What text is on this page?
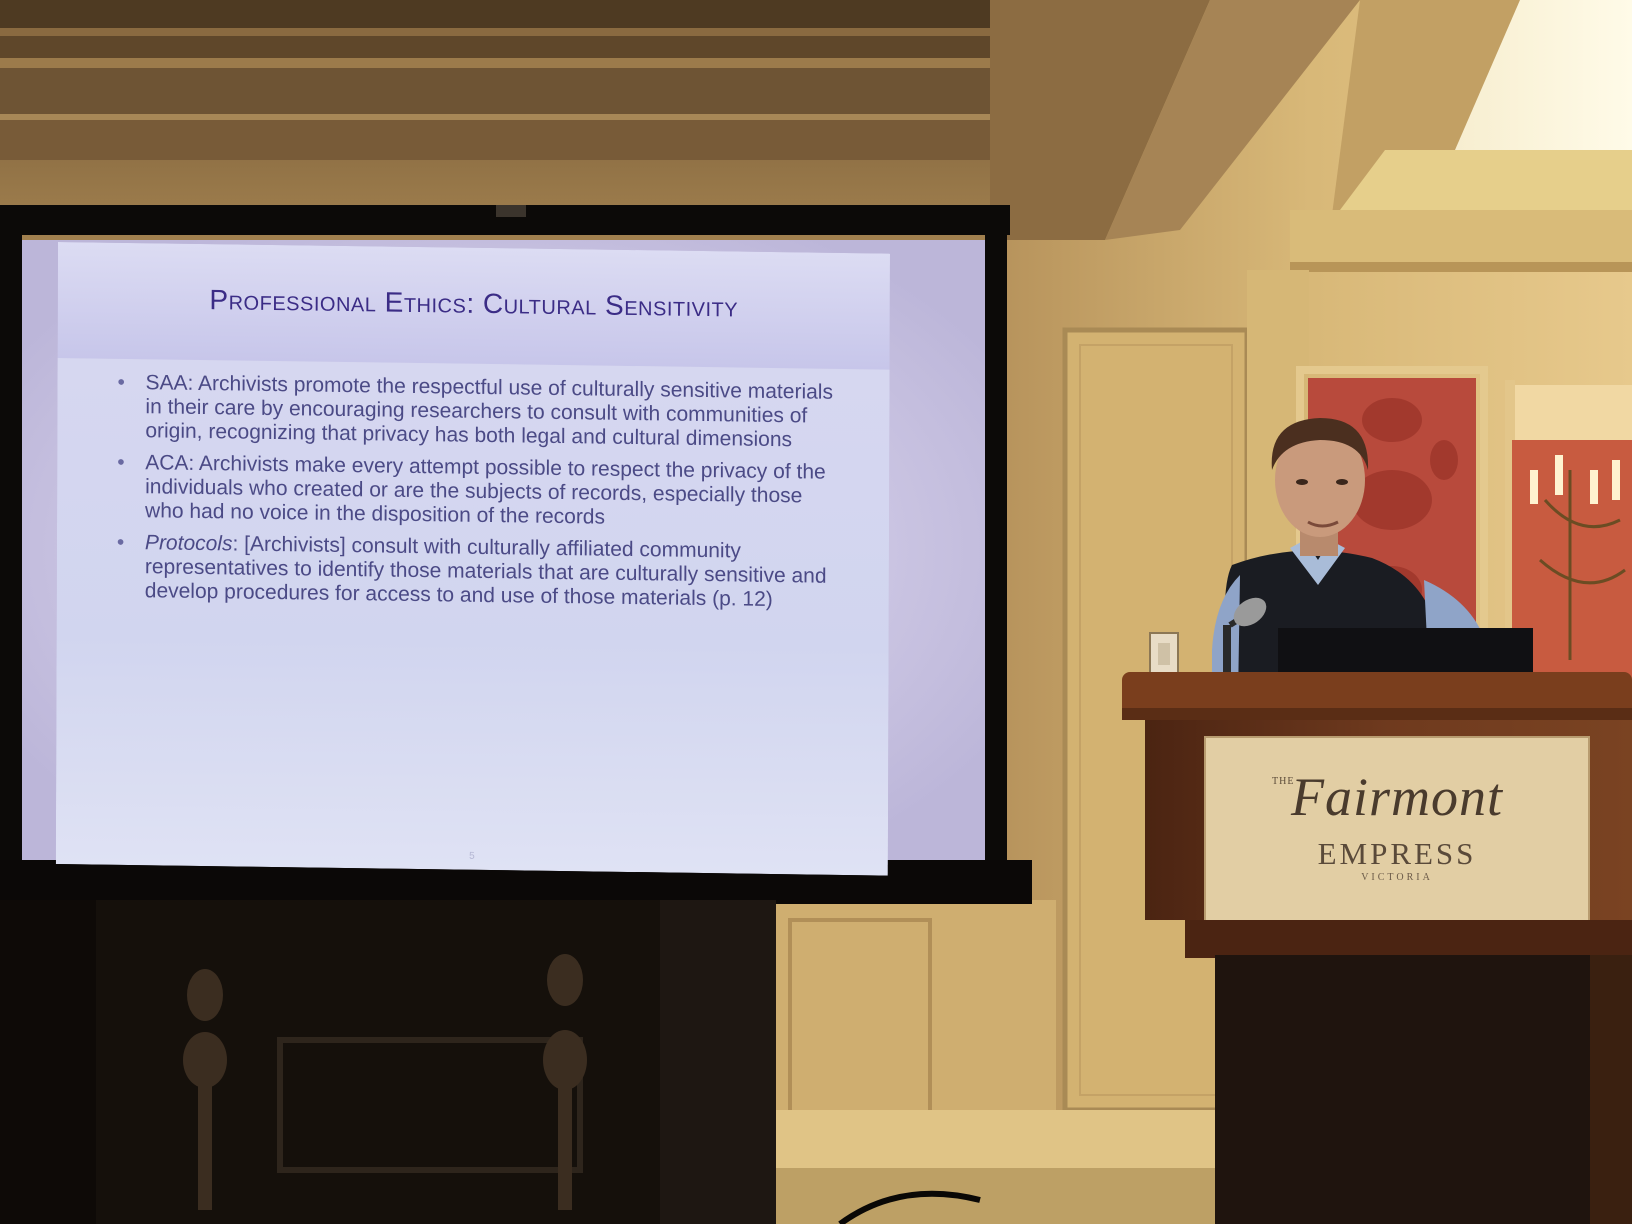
Professional Ethics: Cultural Sensitivity
• SAA: Archivists promote the respectful use of culturally sensitive materials in their care by encouraging researchers to consult with communities of origin, recognizing that privacy has both legal and cultural dimensions
• ACA: Archivists make every attempt possible to respect the privacy of the individuals who created or are the subjects of records, especially those who had no voice in the disposition of the records
• Protocols: [Archivists] consult with culturally affiliated community representatives to identify those materials that are culturally sensitive and develop procedures for access to and use of those materials (p. 12)
5
THE
Fairmont
EMPRESS
VICTORIA
